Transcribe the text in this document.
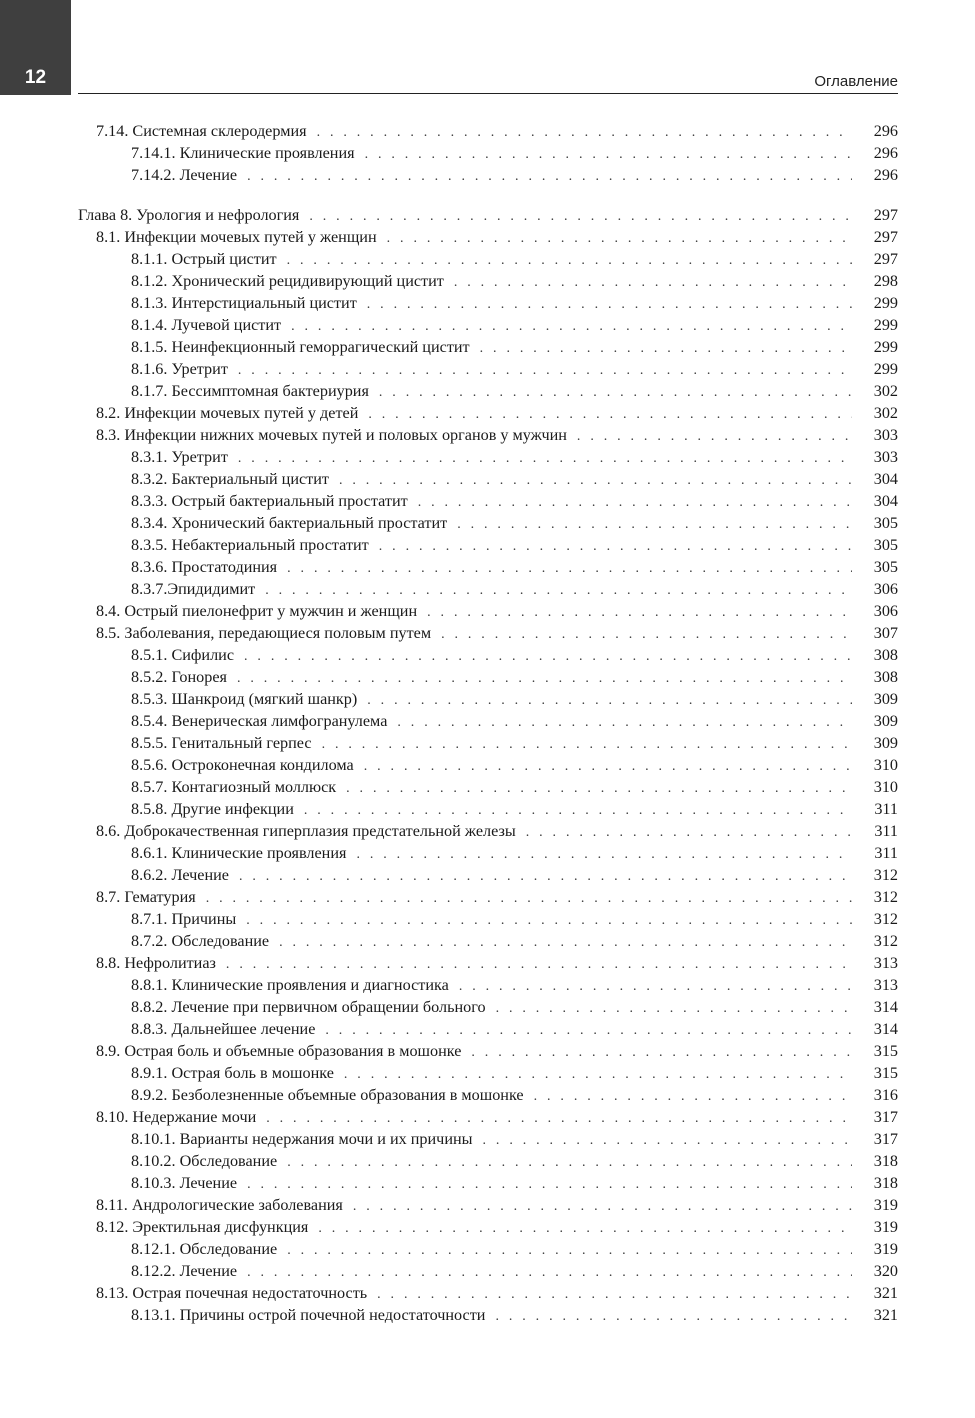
12	Оглавление
7.14. Системная склеродермия . . .	296
7.14.1. Клинические проявления . . .	296
7.14.2. Лечение . . .	296
Глава 8. Урология и нефрология . . .	297
8.1. Инфекции мочевых путей у женщин . . .	297
8.1.1. Острый цистит . . .	297
8.1.2. Хронический рецидивирующий цистит . . .	298
8.1.3. Интерстициальный цистит . . .	299
8.1.4. Лучевой цистит . . .	299
8.1.5. Неинфекционный геморрагический цистит . . .	299
8.1.6. Уретрит . . .	299
8.1.7. Бессимптомная бактериурия . . .	302
8.2. Инфекции мочевых путей у детей . . .	302
8.3. Инфекции нижних мочевых путей и половых органов у мужчин . . .	303
8.3.1. Уретрит . . .	303
8.3.2. Бактериальный цистит . . .	304
8.3.3. Острый бактериальный простатит . . .	304
8.3.4. Хронический бактериальный простатит . . .	305
8.3.5. Небактериальный простатит . . .	305
8.3.6. Простатодиния . . .	305
8.3.7.Эпидидимит . . .	306
8.4. Острый пиелонефрит у мужчин и женщин . . .	306
8.5. Заболевания, передающиеся половым путем . . .	307
8.5.1. Сифилис . . .	308
8.5.2. Гонорея . . .	308
8.5.3. Шанкроид (мягкий шанкр) . . .	309
8.5.4. Венерическая лимфогранулема . . .	309
8.5.5. Генитальный герпес . . .	309
8.5.6. Остроконечная кондилома . . .	310
8.5.7. Контагиозный моллюск . . .	310
8.5.8. Другие инфекции . . .	311
8.6. Доброкачественная гиперплазия предстательной железы . . .	311
8.6.1. Клинические проявления . . .	311
8.6.2. Лечение . . .	312
8.7. Гематурия . . .	312
8.7.1. Причины . . .	312
8.7.2. Обследование . . .	312
8.8. Нефролитиаз . . .	313
8.8.1. Клинические проявления и диагностика . . .	313
8.8.2. Лечение при первичном обращении больного . . .	314
8.8.3. Дальнейшее лечение . . .	314
8.9. Острая боль и объемные образования в мошонке . . .	315
8.9.1. Острая боль в мошонке . . .	315
8.9.2. Безболезненные объемные образования в мошонке . . .	316
8.10. Недержание мочи . . .	317
8.10.1. Варианты недержания мочи и их причины . . .	317
8.10.2. Обследование . . .	318
8.10.3. Лечение . . .	318
8.11. Андрологические заболевания . . .	319
8.12. Эректильная дисфункция . . .	319
8.12.1. Обследование . . .	319
8.12.2. Лечение . . .	320
8.13. Острая почечная недостаточность . . .	321
8.13.1. Причины острой почечной недостаточности . . .	321
